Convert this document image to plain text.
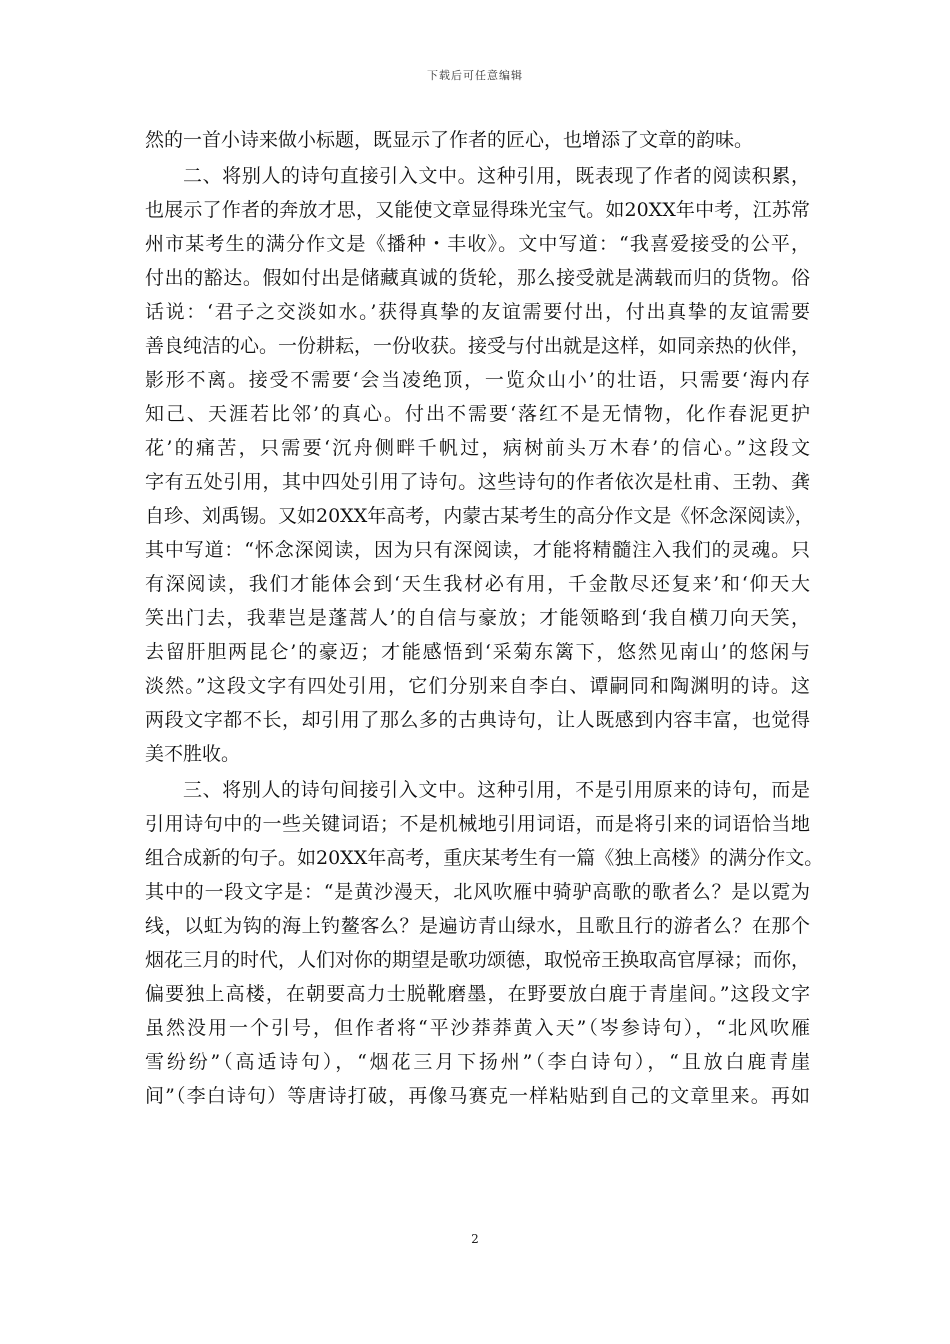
下载后可任意编辑
然的一首小诗来做小标题，既显示了作者的匠心，也增添了文章的韵味。
二、将别人的诗句直接引入文中。这种引用，既表现了作者的阅读积累，
也展示了作者的奔放才思，又能使文章显得珠光宝气。如20XX年中考，江苏常
州市某考生的满分作文是《播种・丰收》。文中写道：“我喜爱接受的公平，
付出的豁达。假如付出是储藏真诚的货轮，那么接受就是满载而归的货物。俗
话说：‘君子之交淡如水。’获得真挚的友谊需要付出，付出真挚的友谊需要
善良纯洁的心。一份耕耘，一份收获。接受与付出就是这样，如同亲热的伙伴，
影形不离。接受不需要‘会当凌绝顶，一览众山小’的壮语，只需要‘海内存
知己、天涯若比邻’的真心。付出不需要‘落红不是无情物，化作春泥更护
花’的痛苦，只需要‘沉舟侧畔千帆过，病树前头万木春’的信心。”这段文
字有五处引用，其中四处引用了诗句。这些诗句的作者依次是杜甫、王勃、龚
自珍、刘禹锡。又如20XX年高考，内蒙古某考生的高分作文是《怀念深阅读》，
其中写道：“怀念深阅读，因为只有深阅读，才能将精髓注入我们的灵魂。只
有深阅读，我们才能体会到‘天生我材必有用，千金散尽还复来’和‘仰天大
笑出门去，我辈岂是蓬蒿人’的自信与豪放；才能领略到‘我自横刀向天笑，
去留肝胆两昆仑’的豪迈；才能感悟到‘采菊东篱下，悠然见南山’的悠闲与
淡然。”这段文字有四处引用，它们分别来自李白、谭嗣同和陶渊明的诗。这
两段文字都不长，却引用了那么多的古典诗句，让人既感到内容丰富，也觉得
美不胜收。
三、将别人的诗句间接引入文中。这种引用，不是引用原来的诗句，而是
引用诗句中的一些关键词语；不是机械地引用词语，而是将引来的词语恰当地
组合成新的句子。如20XX年高考，重庆某考生有一篇《独上高楼》的满分作文。
其中的一段文字是：“是黄沙漫天，北风吹雁中骑驴高歌的歌者么？是以霓为
线，以虹为钩的海上钓鳌客么？是遍访青山绿水，且歌且行的游者么？在那个
烟花三月的时代，人们对你的期望是歌功颂德，取悦帝王换取高官厚禄；而你，
偏要独上高楼，在朝要高力士脱靴磨墨，在野要放白鹿于青崖间。”这段文字
虽然没用一个引号，但作者将“平沙莽莽黄入天”（岑参诗句），“北风吹雁
雪纷纷”（高适诗句），“烟花三月下扬州”（李白诗句），“且放白鹿青崖
间”（李白诗句）等唐诗打破，再像马赛克一样粘贴到自己的文章里来。再如
2
